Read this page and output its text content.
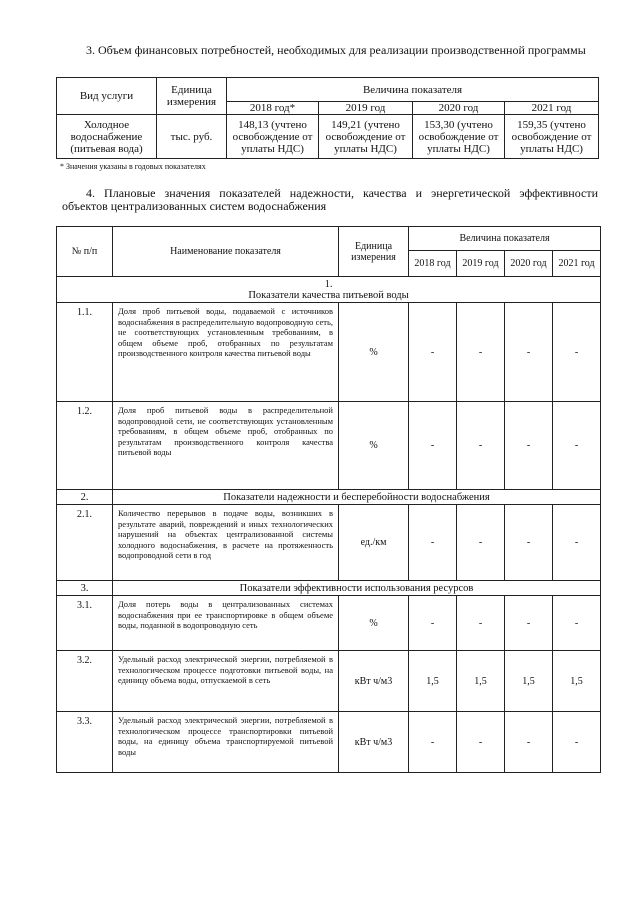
3. Объем финансовых потребностей, необходимых для реализации производственной программы

Вид услуги	Единица измерения	Величина показателя			
		2018 год*	2019 год	2020 год	2021 год
Холодное водоснабжение (питьевая вода)	тыс. руб.	148,13 (учтено освобождение от уплаты НДС)	149,21 (учтено освобождение от уплаты НДС)	153,30 (учтено освобождение от уплаты НДС)	159,35 (учтено освобождение от уплаты НДС)
* Значения указаны в годовых показателях

4. Плановые значения показателей надежности, качества и энергетической эффективности объектов централизованных систем водоснабжения

№ п/п	Наименование показателя	Единица измерения	Величина показателя			
			2018 год	2019 год	2020 год	2021 год

1.
Показатели качества питьевой воды						

1.1.	Доля проб питьевой воды, подаваемой с источников водоснабжения в распределительную водопроводную сеть, не соответствующих установленным требованиям, в общем объеме проб, отобранных по результатам производственного контроля качества питьевой воды	%	-	-	-	-
1.2.	Доля проб питьевой воды в распределительной водопроводной сети, не соответствующих установленным требованиям, в общем объеме проб, отобранных по результатам производственного контроля качества питьевой воды	%	-	-	-	-
2.	Показатели надежности и бесперебойности водоснабжения					
2.1.	Количество перерывов в подаче воды, возникших в результате аварий, повреждений и иных технологических нарушений на объектах централизованной системы холодного водоснабжения, в расчете на протяженность водопроводной сети в год	ед./км	-	-	-	-
3.	Показатели эффективности использования ресурсов					
3.1.	Доля потерь воды в централизованных системах водоснабжения при ее транспортировке в общем объеме воды, поданной в водопроводную сеть	%	-	-	-	-
3.2.	Удельный расход электрической энергии, потребляемой в технологическом процессе подготовки питьевой воды, на единицу объема воды, отпускаемой в сеть	кВт ч/м3	1,5	1,5	1,5	1,5
3.3.	Удельный расход электрической энергии, потребляемой в технологическом процессе транспортировки питьевой воды, на единицу объема транспортируемой питьевой воды	кВт ч/м3	-	-	-	-
